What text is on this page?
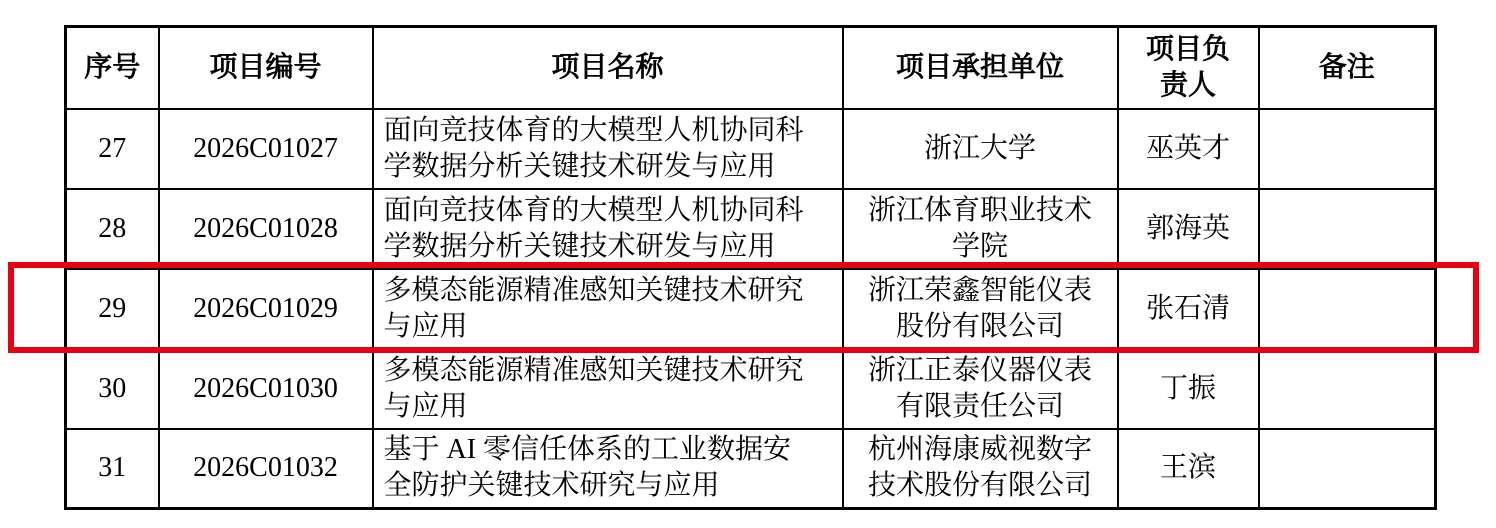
序号	项目编号	项目名称	项目承担单位	项目负责人	备注
27	2026C01027	面向竞技体育的大模型人机协同科学数据分析关键技术研发与应用	浙江大学	巫英才	
28	2026C01028	面向竞技体育的大模型人机协同科学数据分析关键技术研发与应用	浙江体育职业技术学院	郭海英	
29	2026C01029	多模态能源精准感知关键技术研究与应用	浙江荣鑫智能仪表股份有限公司	张石清	
30	2026C01030	多模态能源精准感知关键技术研究与应用	浙江正泰仪器仪表有限责任公司	丁振	
31	2026C01032	基于 AI 零信任体系的工业数据安全防护关键技术研究与应用	杭州海康威视数字技术股份有限公司	王滨	
